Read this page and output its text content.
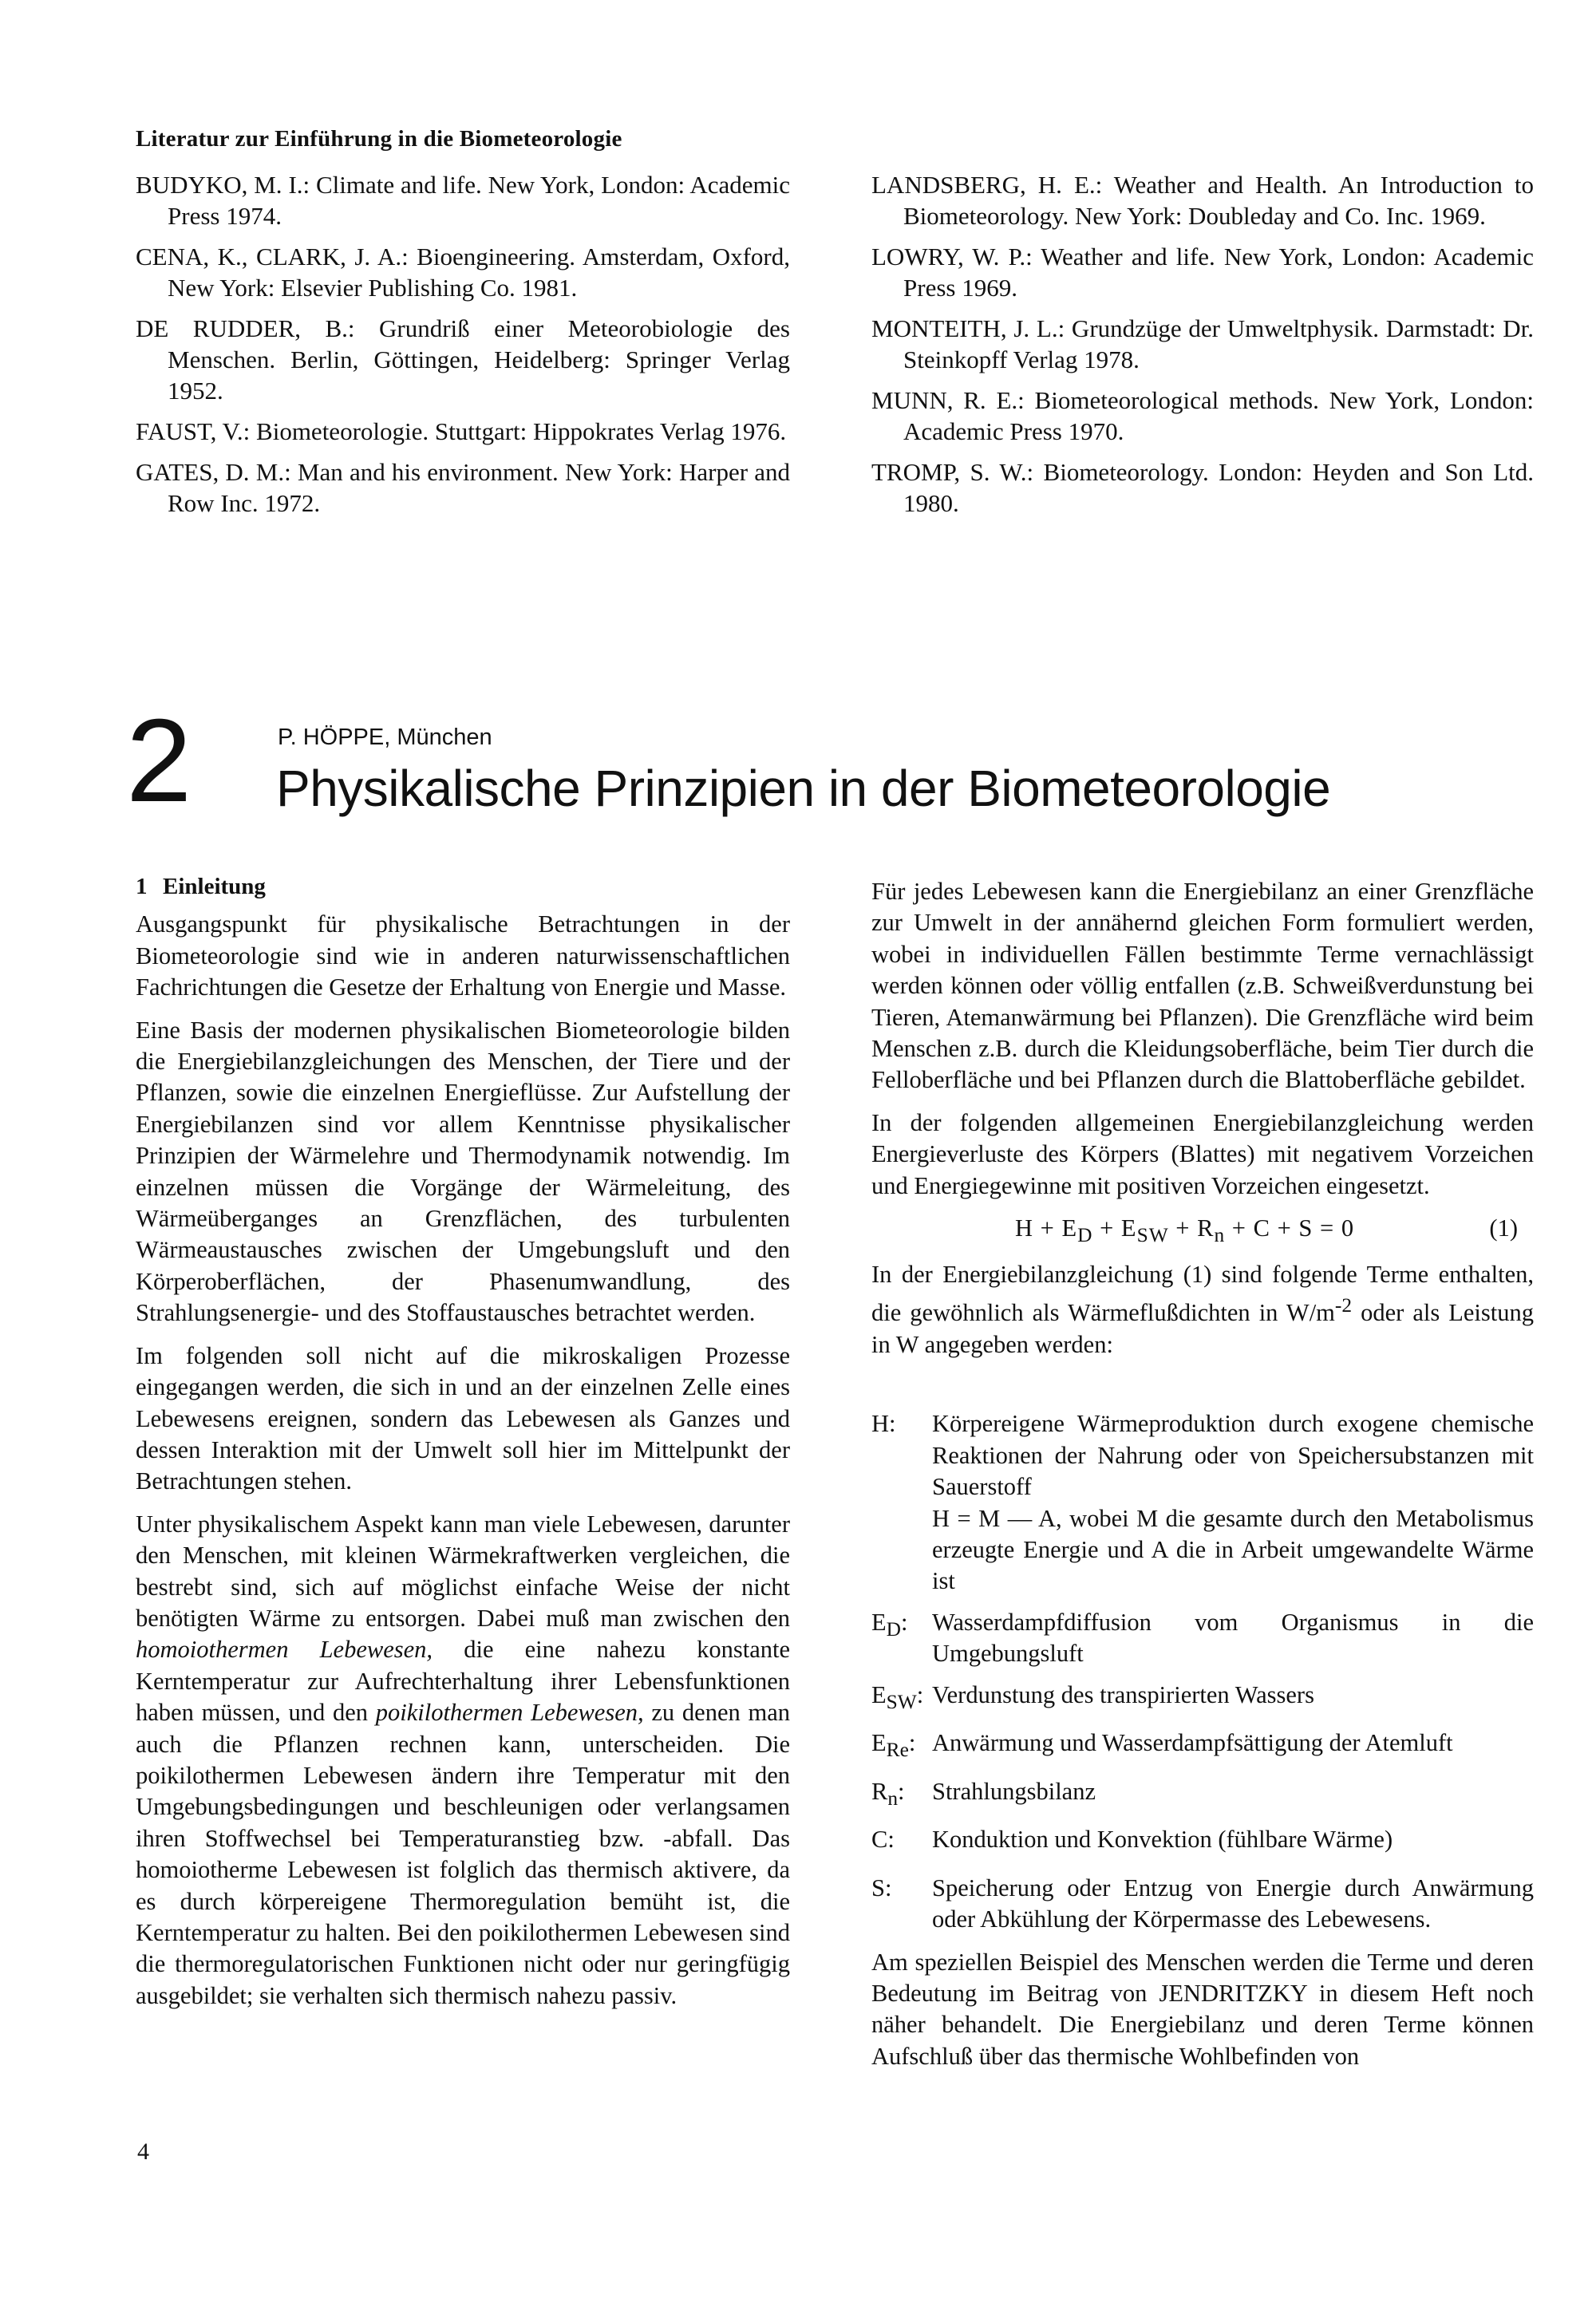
Literatur zur Einführung in die Biometeorologie
BUDYKO, M. I.: Climate and life. New York, London: Academic Press 1974.
CENA, K., CLARK, J. A.: Bioengineering. Amsterdam, Oxford, New York: Elsevier Publishing Co. 1981.
DE RUDDER, B.: Grundriß einer Meteorobiologie des Menschen. Berlin, Göttingen, Heidelberg: Springer Verlag 1952.
FAUST, V.: Biometeorologie. Stuttgart: Hippokrates Verlag 1976.
GATES, D. M.: Man and his environment. New York: Harper and Row Inc. 1972.
LANDSBERG, H. E.: Weather and Health. An Introduction to Biometeorology. New York: Doubleday and Co. Inc. 1969.
LOWRY, W. P.: Weather and life. New York, London: Academic Press 1969.
MONTEITH, J. L.: Grundzüge der Umweltphysik. Darmstadt: Dr. Steinkopff Verlag 1978.
MUNN, R. E.: Biometeorological methods. New York, London: Academic Press 1970.
TROMP, S. W.: Biometeorology. London: Heyden and Son Ltd. 1980.
2	P. HÖPPE, München
Physikalische Prinzipien in der Biometeorologie
1 Einleitung

Ausgangspunkt für physikalische Betrachtungen in der Biometeorologie sind wie in anderen naturwissenschaftlichen Fachrichtungen die Gesetze der Erhaltung von Energie und Masse.

Eine Basis der modernen physikalischen Biometeorologie bilden die Energiebilanzgleichungen des Menschen, der Tiere und der Pflanzen, sowie die einzelnen Energieflüsse. Zur Aufstellung der Energiebilanzen sind vor allem Kenntnisse physikalischer Prinzipien der Wärmelehre und Thermodynamik notwendig. Im einzelnen müssen die Vorgänge der Wärmeleitung, des Wärmeüberganges an Grenzflächen, des turbulenten Wärmeaustausches zwischen der Umgebungsluft und den Körperoberflächen, der Phasenumwandlung, des Strahlungsenergie- und des Stoffaustausches betrachtet werden.

Im folgenden soll nicht auf die mikroskaligen Prozesse eingegangen werden, die sich in und an der einzelnen Zelle eines Lebewesens ereignen, sondern das Lebewesen als Ganzes und dessen Interaktion mit der Umwelt soll hier im Mittelpunkt der Betrachtungen stehen.

Unter physikalischem Aspekt kann man viele Lebewesen, darunter den Menschen, mit kleinen Wärmekraftwerken vergleichen, die bestrebt sind, sich auf möglichst einfache Weise der nicht benötigten Wärme zu entsorgen. Dabei muß man zwischen den homoiothermen Lebewesen, die eine nahezu konstante Kerntemperatur zur Aufrechterhaltung ihrer Lebensfunktionen haben müssen, und den poikilothermen Lebewesen, zu denen man auch die Pflanzen rechnen kann, unterscheiden. Die poikilothermen Lebewesen ändern ihre Temperatur mit den Umgebungsbedingungen und beschleunigen oder verlangsamen ihren Stoffwechsel bei Temperaturanstieg bzw. -abfall. Das homoiotherme Lebewesen ist folglich das thermisch aktivere, da es durch körpereigene Thermoregulation bemüht ist, die Kerntemperatur zu halten. Bei den poikilothermen Lebewesen sind die thermoregulatorischen Funktionen nicht oder nur geringfügig ausgebildet; sie verhalten sich thermisch nahezu passiv.

Für jedes Lebewesen kann die Energiebilanz an einer Grenzfläche zur Umwelt in der annähernd gleichen Form formuliert werden, wobei in individuellen Fällen bestimmte Terme vernachlässigt werden können oder völlig entfallen (z.B. Schweißverdunstung bei Tieren, Atemanwärmung bei Pflanzen). Die Grenzfläche wird beim Menschen z.B. durch die Kleidungsoberfläche, beim Tier durch die Felloberfläche und bei Pflanzen durch die Blattoberfläche gebildet.

In der folgenden allgemeinen Energiebilanzgleichung werden Energieverluste des Körpers (Blattes) mit negativem Vorzeichen und Energiegewinne mit positiven Vorzeichen eingesetzt.

$H + E_D + E_{SW} + R_n + C + S = 0$	(1)

In der Energiebilanzgleichung (1) sind folgende Terme enthalten, die gewöhnlich als Wärmeflußdichten in $W/m^{-2}$ oder als Leistung in W angegeben werden:

H:	Körpereigene Wärmeproduktion durch exogene chemische Reaktionen der Nahrung oder von Speichersubstanzen mit Sauerstoff
H = M — A, wobei M die gesamte durch den Metabolismus erzeugte Energie und A die in Arbeit umgewandelte Wärme ist
$E_D$:	Wasserdampfdiffusion vom Organismus in die Umgebungsluft
$E_{SW}$: Verdunstung des transpirierten Wassers
$E_{Re}$: Anwärmung und Wasserdampfsättigung der Atemluft
$R_n$:	Strahlungsbilanz
C:	Konduktion und Konvektion (fühlbare Wärme)
S:	Speicherung oder Entzug von Energie durch Anwärmung oder Abkühlung der Körpermasse des Lebewesens.

Am speziellen Beispiel des Menschen werden die Terme und deren Bedeutung im Beitrag von JENDRITZKY in diesem Heft noch näher behandelt. Die Energiebilanz und deren Terme können Aufschluß über das thermische Wohlbefinden von

4
